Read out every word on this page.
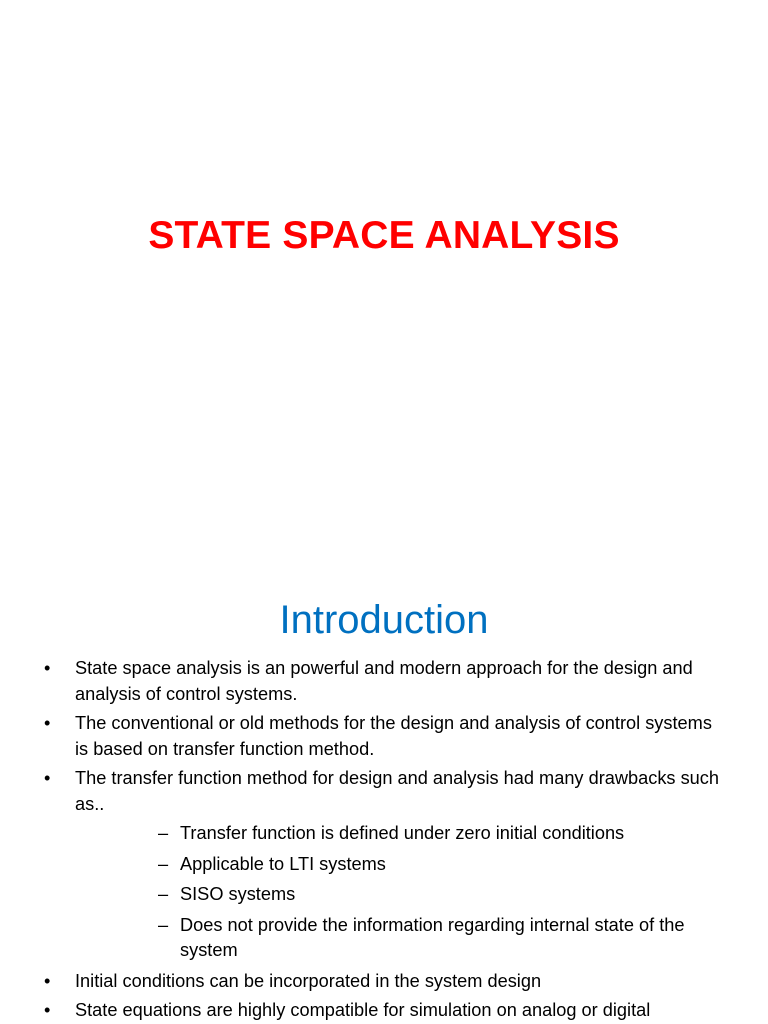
STATE SPACE ANALYSIS
Introduction
• State space analysis is an powerful and modern approach for the design and analysis of control systems.
• The conventional or old methods for the design and analysis of control systems is based on transfer function method.
• The transfer function method for design and analysis had many drawbacks such as..
– Transfer function is defined under zero initial conditions
– Applicable to LTI systems
– SISO systems
– Does not provide the information regarding internal state of the system
• Initial conditions can be incorporated in the system design
• State equations are highly compatible for simulation on analog or digital
